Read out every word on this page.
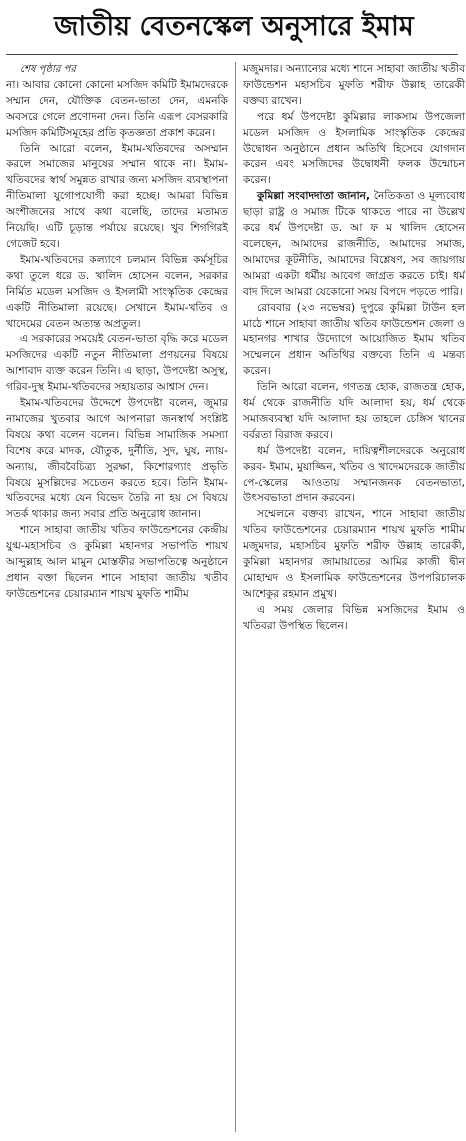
জাতীয় বেতনস্কেল অনুসারে ইমাম

শেষ পৃষ্ঠার পর

না। আবার কোনো কোনো মসজিদ কমিটি ইমামদেরকে সম্মান দেন, যৌক্তিক বেতন-ভাতা দেন, এমনকি অবসরে গেলে প্রণোদনা দেন। তিনি এরূপ বেসরকারি মসজিদ কমিটিসমূহের প্রতি কৃতজ্ঞতা প্রকাশ করেন।

তিনি আরো বলেন, ইমাম-খতিবদের অসম্মান করলে সমাজের মানুষের সম্মান থাকে না। ইমাম-খতিবদের স্বার্থ সমুন্নত রাখার জন্য মসজিদ ব্যবস্থাপনা নীতিমালা যুগোপযোগী করা হচ্ছে। আমরা বিভিন্ন অংশীজনের সাথে কথা বলেছি, তাদের মতামত নিয়েছি। এটি চূড়ান্ত পর্যায়ে রয়েছে। খুব শিগগিরই গেজেট হবে।

ইমাম-খতিবদের কল্যাণে চলমান বিভিন্ন কর্মসূচির কথা তুলে ধরে ড. খালিদ হোসেন বলেন, সরকার নির্মিত মডেল মসজিদ ও ইসলামী সাংস্কৃতিক কেন্দ্রের একটি নীতিমালা রয়েছে। সেখানে ইমাম-খতিব ও খাদেমের বেতন অত্যন্ত অপ্রতুল।

এ সরকারের সময়েই বেতন-ভাতা বৃদ্ধি করে মডেল মসজিদের একটি নতুন নীতিমালা প্রণয়নের বিষয়ে আশাবাদ ব্যক্ত করেন তিনি। এ ছাড়া, উপদেষ্টা অসুস্থ, গরিব-দুস্থ ইমাম-খতিবদের সহায়তার আশ্বাস দেন।

ইমাম-খতিবদের উদ্দেশে উপদেষ্টা বলেন, জুমার নামাজের খুতবার আগে আপনারা জনস্বার্থ সংশ্লিষ্ট বিষয়ে কথা বলেন বলেন। বিভিন্ন সামাজিক সমস্যা বিশেষ করে মাদক, যৌতুক, দুর্নীতি, সুদ, ঘুষ, ন্যায়-অন্যায়, জীববৈচিত্র্য সুরক্ষা, কিশোরগ্যাং প্রভৃতি বিষয়ে মুসল্লিদের সচেতন করতে হবে। তিনি ইমাম-খতিবদের মধ্যে যেন বিভেদ তৈরি না হয় সে বিষয়ে সতর্ক থাকার জন্য সবার প্রতি অনুরোধ জানান।

শানে সাহাবা জাতীয় খতিব ফাউন্ডেশনের কেন্দ্রীয় যুগ্ম-মহাসচিব ও কুমিল্লা মহানগর সভাপতি শায়খ আব্দুল্লাহ আল মামুন মোস্তফীর সভাপতিত্বে অনুষ্ঠানে প্রধান বক্তা ছিলেন শানে সাহাবা জাতীয় খতীব ফাউন্ডেশনের চেয়ারম্যান শায়খ মুফতি শামীম

মজুমদার। অন্যান্যের মধ্যে শানে সাহাবা জাতীয় খতীব ফাউন্ডেশন মহাসচিব মুফতি শরীফ উল্লাহ তারেকী বক্তব্য রাখেন।

পরে ধর্ম উপদেষ্টা কুমিল্লার লাকসাম উপজেলা মডেল মসজিদ ও ইসলামিক সাংস্কৃতিক কেন্দ্রের উদ্বোধন অনুষ্ঠানে প্রধান অতিথি হিসেবে যোগদান করেন এবং মসজিদের উদ্বোধনী ফলক উন্মোচন করেন।

কুমিল্লা সংবাদদাতা জানান, নৈতিকতা ও মূল্যবোধ ছাড়া রাষ্ট্র ও সমাজ টিকে থাকতে পারে না উল্লেখ করে ধর্ম উপদেষ্টা ড. আ ফ ম খালিদ হোসেন বলেছেন, আমাদের রাজনীতি, আমাদের সমাজ, আমাদের কূটনীতি, আমাদের বিশ্লেষণ, সব জায়গায় আমরা একটা ধর্মীয় আবেগ জাগ্রত করতে চাই। ধর্ম বাদ দিলে আমরা যেকোনো সময় বিপদে পড়তে পারি।

রোববার (২৩ নভেম্বর) দুপুরে কুমিল্লা টাউন হল মাঠে শানে সাহাবা জাতীয় খতিব ফাউন্ডেশন জেলা ও মহানগর শাখার উদ্যোগে আয়োজিত ইমাম খতিব সম্মেলনে প্রধান অতিথির বক্তব্যে তিনি এ মন্তব্য করেন।

তিনি আরো বলেন, গণতন্ত্র হোক, রাজতন্ত্র হোক, ধর্ম থেকে রাজনীতি যদি আলাদা হয়, ধর্ম থেকে সমাজব্যবস্থা যদি আলাদা হয় তাহলে চেঙ্গিস খানের বর্বরতা বিরাজ করবে।

ধর্ম উপদেষ্টা বলেন, দায়িত্বশীলদেরকে অনুরোধ করব- ইমাম, মুয়াজ্জিন, খতিব ও খাদেমদেরকে জাতীয় পে-স্কেলের আওতায় সম্মানজনক বেতনভাতা, উৎসবভাতা প্রদান করবেন।

সম্মেলনে বক্তব্য রাখেন, শানে সাহাবা জাতীয় খতিব ফাউন্ডেশনের চেয়ারম্যান শায়খ মুফতি শামীম মজুমদার, মহাসচিব মুফতি শরীফ উল্লাহ তারেকী, কুমিল্লা মহানগর জামায়াতের আমির কাজী দ্বীন মোহাম্মদ ও ইসলামিক ফাউন্ডেশনের উপপরিচালক আশেকুর রহমান প্রমুখ।

এ সময় জেলার বিভিন্ন মসজিদের ইমাম ও খতিবরা উপস্থিত ছিলেন।
